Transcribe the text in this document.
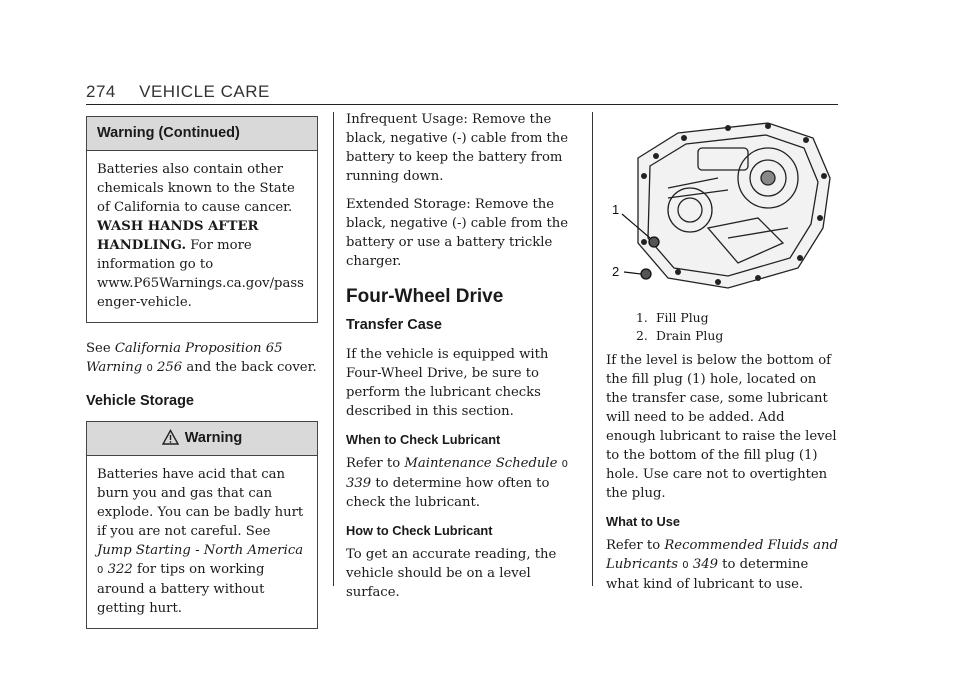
274 VEHICLE CARE
Warning (Continued)
Batteries also contain other chemicals known to the State of California to cause cancer. WASH HANDS AFTER HANDLING. For more information go to www.P65Warnings.ca.gov/passenger-vehicle.

See California Proposition 65 Warning 0 256 and the back cover.

Vehicle Storage
Warning
Batteries have acid that can burn you and gas that can explode. You can be badly hurt if you are not careful. See Jump Starting - North America 0 322 for tips on working around a battery without getting hurt.

Infrequent Usage: Remove the black, negative (‐) cable from the battery to keep the battery from running down.

Extended Storage: Remove the black, negative (‐) cable from the battery or use a battery trickle charger.

Four-Wheel Drive
Transfer Case

If the vehicle is equipped with Four-Wheel Drive, be sure to perform the lubricant checks described in this section.

When to Check Lubricant

Refer to Maintenance Schedule 0 339 to determine how often to check the lubricant.

How to Check Lubricant

To get an accurate reading, the vehicle should be on a level surface.

1
2
1. Fill Plug
2. Drain Plug

If the level is below the bottom of the fill plug (1) hole, located on the transfer case, some lubricant will need to be added. Add enough lubricant to raise the level to the bottom of the fill plug (1) hole. Use care not to overtighten the plug.

What to Use

Refer to Recommended Fluids and Lubricants 0 349 to determine what kind of lubricant to use.
